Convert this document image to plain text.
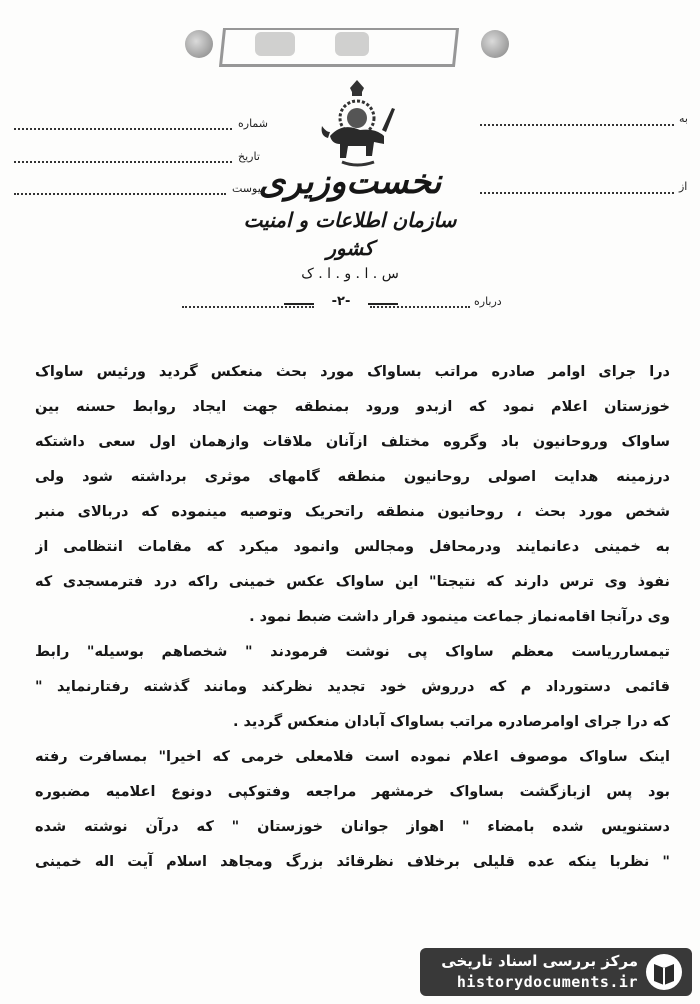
نخست‌وزیری
سازمان اطلاعات و امنیت کشور
س . ا . و . ا . ک
شماره
تاریخ
پیوست
به
از
درباره
-۲-
درا جرای اوامر صادره مراتب بساواک مورد بحث منعکس گردید ورئیس ساواک
خوزستان اعلام نمود که ازبدو ورود بمنطقه جهت ایجاد روابط حسنه بین
ساواک وروحانیون باد وگروه مختلف ازآنان ملاقات وازهمان اول سعی داشتکه
درزمینه هدایت اصولی روحانیون منطقه گامهای موثری برداشته شود ولی
شخص مورد بحث ، روحانیون منطقه راتحریک وتوصیه مینموده که دربالای منبر
به خمینی دعانمایند ودرمحافل ومجالس وانمود میکرد که مقامات انتظامی از
نفوذ وی ترس دارند که نتیجتا" این ساواک عکس خمینی راکه درد فترمسجدی که
وی درآنجا اقامه‌نماز جماعت مینمود قرار داشت ضبط نمود .
تیمسارریاست معظم ساواک پی نوشت فرمودند " شخصاهم بوسیله" رابط
قائمی دستورداد م که درروش خود تجدید نظرکند ومانند گذشته رفتارنماید "
که درا جرای اوامرصادره مراتب بساواک آبادان منعکس گردید .
اینک ساواک موصوف اعلام نموده است فلامعلی خرمی که اخیرا" بمسافرت رفته
بود پس ازبازگشت بساواک خرمشهر مراجعه وفتوکپی دونوع اعلامیه مضبوره
دستنویس شده بامضاء " اهواز جوانان خوزستان " که درآن نوشته شده
" نظربا ینکه عده قلیلی برخلاف نظرقائد بزرگ ومجاهد اسلام آیت اله خمینی
مرکز بررسی اسناد تاریخی
historydocuments.ir
